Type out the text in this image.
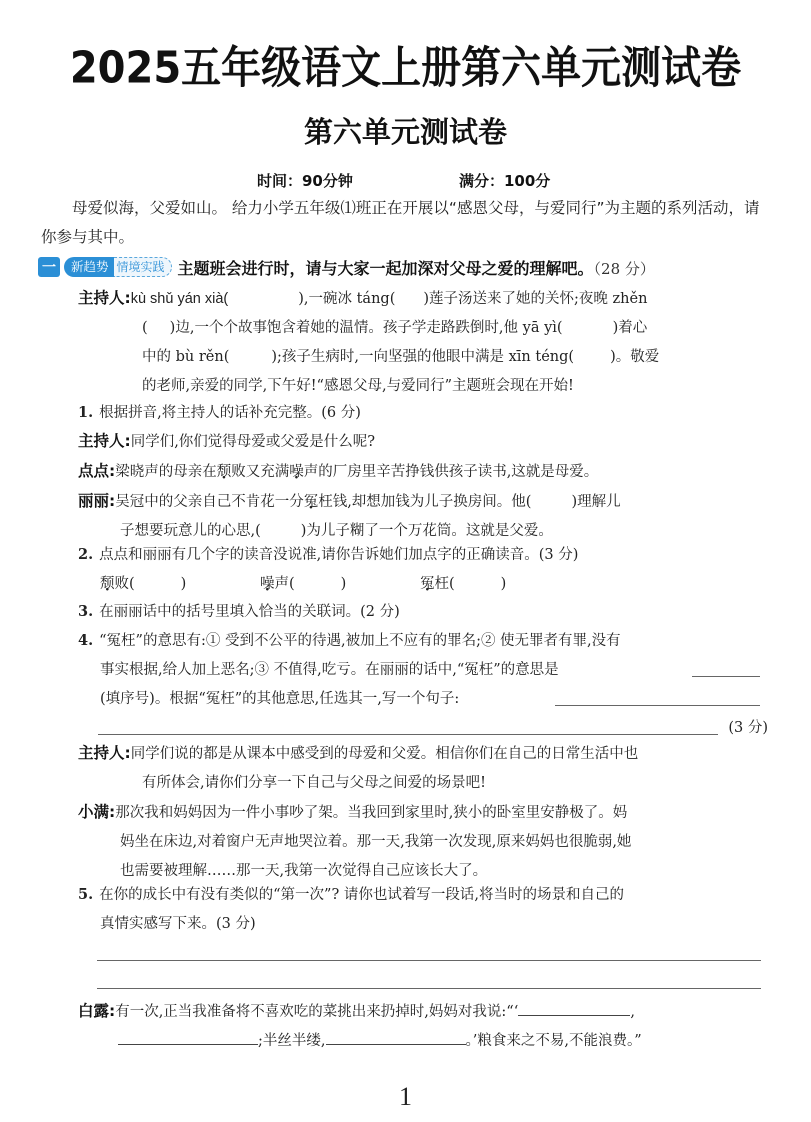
2025五年级语文上册第六单元测试卷
第六单元测试卷
时间：90分钟	满分：100分
母爱似海，父爱如山。 给力小学五年级⑴班正在开展以“感恩父母，与爱同行”为主题的系列活动，请你参与其中。
一	新趋势 情境实践 主题班会进行时，请与大家一起加深对父母之爱的理解吧。（28 分）
主持人:kù shǔ yán xià(	),一碗冰 táng( )莲子汤送来了她的关怀;夜晚 zhěn
( )边,一个个故事饱含着她的温情。孩子学走路跌倒时,他 yā yì(	)着心
中的 bù rěn(	);孩子生病时,一向坚强的他眼中满是 xīn téng( )。敬爱
的老师,亲爱的同学,下午好!“感恩父母,与爱同行”主题班会现在开始!
1. 根据拼音,将主持人的话补充完整。(6 分)
主持人:同学们,你们觉得母爱或父爱是什么呢?
点点:梁晓声的母亲在颓败又充满噪声的厂房里辛苦挣钱供孩子读书,这就是母爱。
丽丽:吴冠中的父亲自己不肯花一分冤枉钱,却想加钱为儿子换房间。他(	)理解儿
子想要玩意儿的心思,(	)为儿子糊了一个万花筒。这就是父爱。
2. 点点和丽丽有几个字的读音没说准,请你告诉她们加点字的正确读音。(3 分)
颓败(	)	噪声(	)	冤枉(	)
3. 在丽丽话中的括号里填入恰当的关联词。(2 分)
4. “冤枉”的意思有:① 受到不公平的待遇,被加上不应有的罪名;② 使无罪者有罪,没有
事实根据,给人加上恶名;③ 不值得,吃亏。在丽丽的话中,“冤枉”的意思是
(填序号)。根据“冤枉”的其他意思,任选其一,写一个句子:
(3 分)
主持人:同学们说的都是从课本中感受到的母爱和父爱。相信你们在自己的日常生活中也
有所体会,请你们分享一下自己与父母之间爱的场景吧!
小满:那次我和妈妈因为一件小事吵了架。当我回到家里时,狭小的卧室里安静极了。妈
妈坐在床边,对着窗户无声地哭泣着。那一天,我第一次发现,原来妈妈也很脆弱,她
也需要被理解……那一天,我第一次觉得自己应该长大了。
5. 在你的成长中有没有类似的“第一次”? 请你也试着写一段话,将当时的场景和自己的
真情实感写下来。(3 分)
白露:有一次,正当我准备将不喜欢吃的菜挑出来扔掉时,妈妈对我说:“‘	,
;半丝半缕,	。’粮食来之不易,不能浪费。”
1
